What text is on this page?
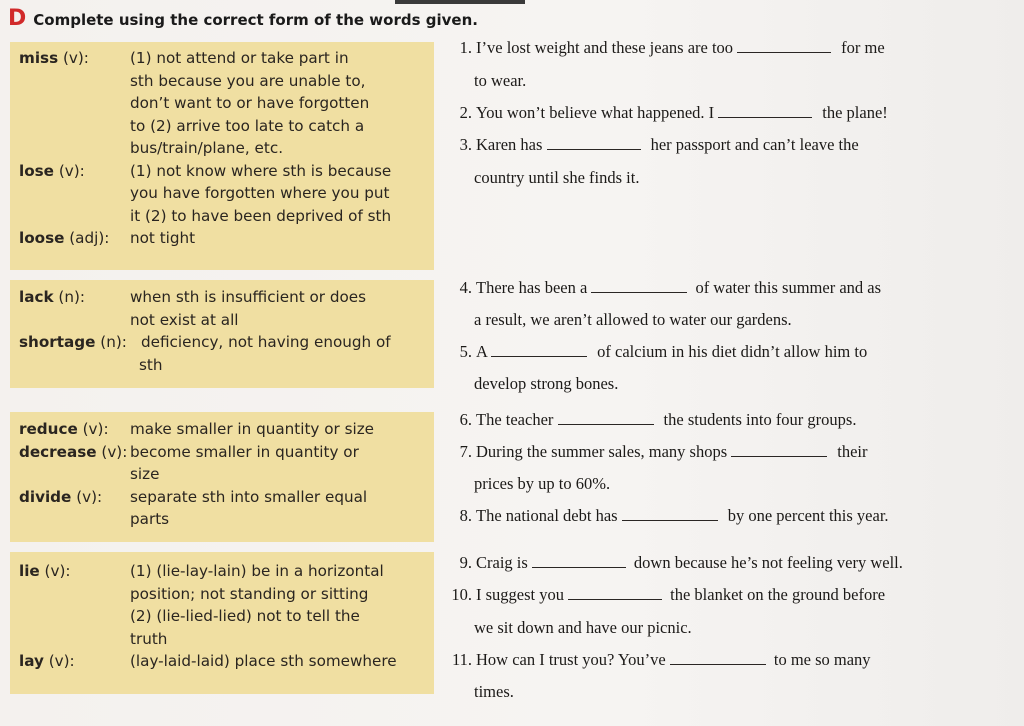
D Complete using the correct form of the words given.
miss (v):	(1) not attend or take part in
sth because you are unable to,
don’t want to or have forgotten
to (2) arrive too late to catch a
bus/train/plane, etc.
lose (v):	(1) not know where sth is because
you have forgotten where you put
it (2) to have been deprived of sth
loose (adj): not tight
lack (n):	when sth is insufficient or does
not exist at all
shortage (n): deficiency, not having enough of
sth
reduce (v): make smaller in quantity or size
decrease (v): become smaller in quantity or
size
divide (v): separate sth into smaller equal
parts
lie (v):	(1) (lie-lay-lain) be in a horizontal
position; not standing or sitting
(2) (lie-lied-lied) not to tell the
truth
lay (v):	(lay-laid-laid) place sth somewhere
1. I’ve lost weight and these jeans are too	for me
to wear.
2. You won’t believe what happened. I	the plane!
3. Karen has	her passport and can’t leave the
country until she finds it.
4. There has been a	of water this summer and as
a result, we aren’t allowed to water our gardens.
5. A	of calcium in his diet didn’t allow him to
develop strong bones.
6. The teacher	the students into four groups.
7. During the summer sales, many shops	their
prices by up to 60%.
8. The national debt has	by one percent this year.
9. Craig is	down because he’s not feeling very well.
10. I suggest you	the blanket on the ground before
we sit down and have our picnic.
11. How can I trust you? You’ve	to me so many
times.
